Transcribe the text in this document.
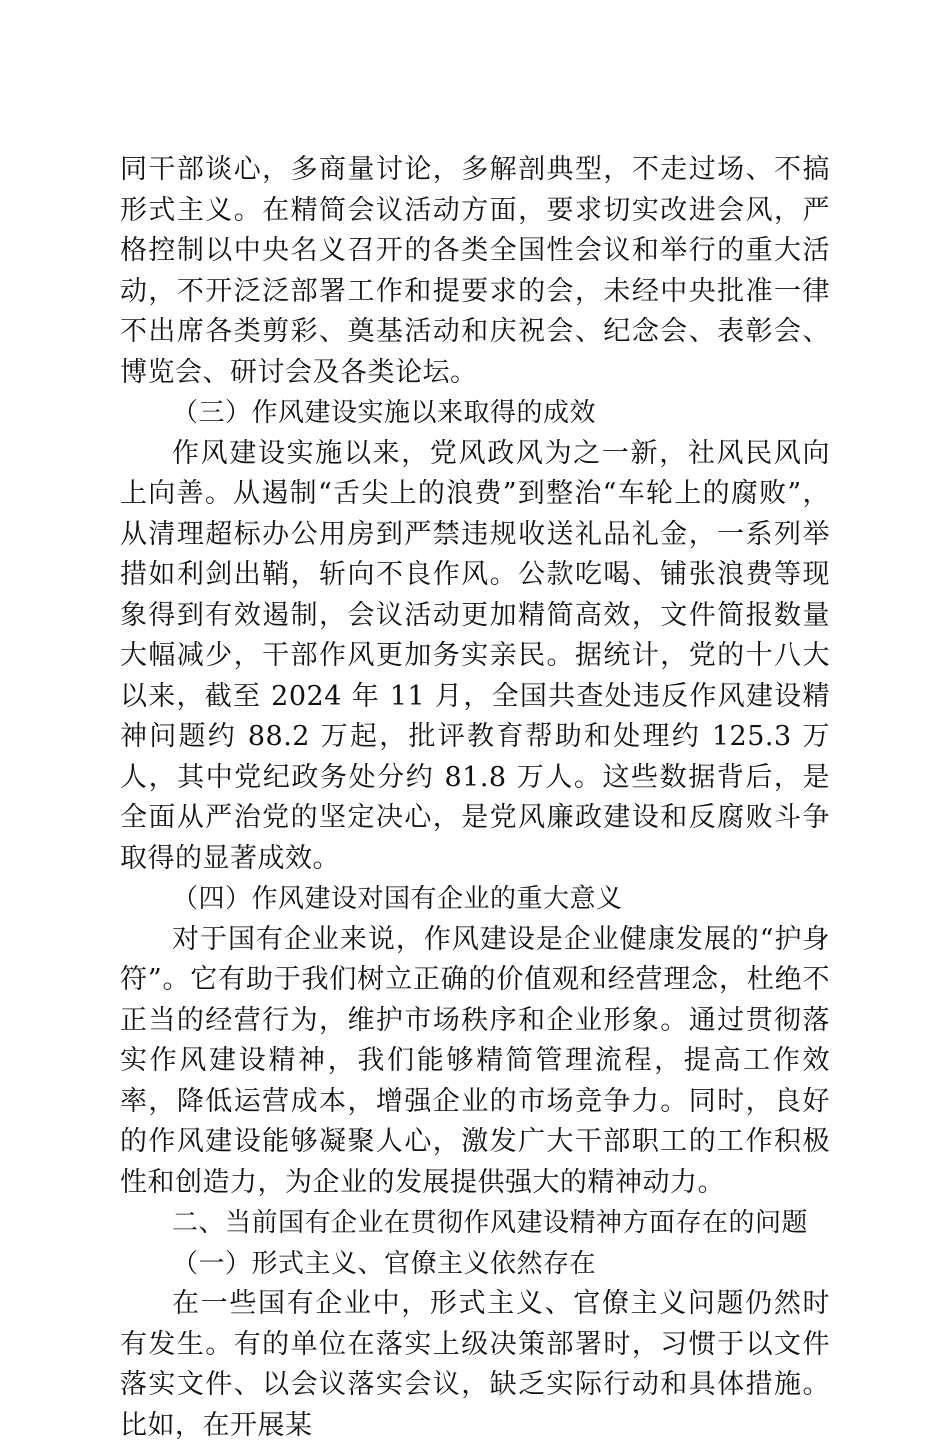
同干部谈心，多商量讨论，多解剖典型，不走过场、不搞形式主义。在精简会议活动方面，要求切实改进会风，严格控制以中央名义召开的各类全国性会议和举行的重大活动，不开泛泛部署工作和提要求的会，未经中央批准一律不出席各类剪彩、奠基活动和庆祝会、纪念会、表彰会、博览会、研讨会及各类论坛。

（三）作风建设实施以来取得的成效

作风建设实施以来，党风政风为之一新，社风民风向上向善。从遏制“舌尖上的浪费”到整治“车轮上的腐败”，从清理超标办公用房到严禁违规收送礼品礼金，一系列举措如利剑出鞘，斩向不良作风。公款吃喝、铺张浪费等现象得到有效遏制，会议活动更加精简高效，文件简报数量大幅减少，干部作风更加务实亲民。据统计，党的十八大以来，截至 2024 年 11 月，全国共查处违反作风建设精神问题约 88.2 万起，批评教育帮助和处理约 125.3 万人，其中党纪政务处分约 81.8 万人。这些数据背后，是全面从严治党的坚定决心，是党风廉政建设和反腐败斗争取得的显著成效。

（四）作风建设对国有企业的重大意义

对于国有企业来说，作风建设是企业健康发展的“护身符”。它有助于我们树立正确的价值观和经营理念，杜绝不正当的经营行为，维护市场秩序和企业形象。通过贯彻落实作风建设精神，我们能够精简管理流程，提高工作效率，降低运营成本，增强企业的市场竞争力。同时，良好的作风建设能够凝聚人心，激发广大干部职工的工作积极性和创造力，为企业的发展提供强大的精神动力。

二、当前国有企业在贯彻作风建设精神方面存在的问题

（一）形式主义、官僚主义依然存在

在一些国有企业中，形式主义、官僚主义问题仍然时有发生。有的单位在落实上级决策部署时，习惯于以文件落实文件、以会议落实会议，缺乏实际行动和具体措施。比如，在开展某
